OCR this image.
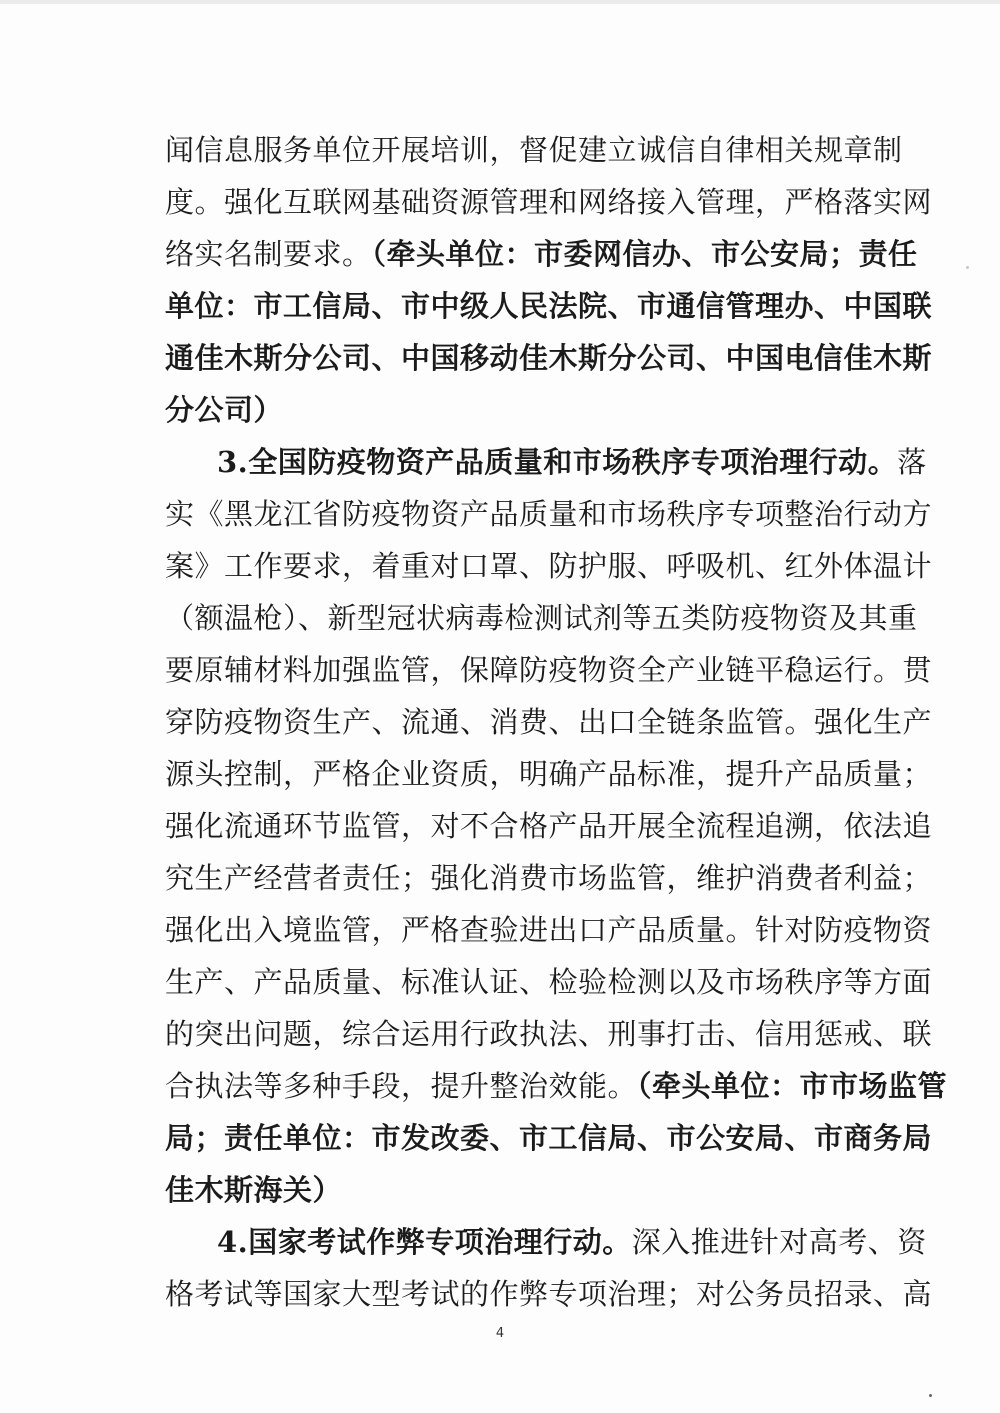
闻信息服务单位开展培训，督促建立诚信自律相关规章制
度。强化互联网基础资源管理和网络接入管理，严格落实网
络实名制要求。（牵头单位：市委网信办、市公安局；责任
单位：市工信局、市中级人民法院、市通信管理办、中国联
通佳木斯分公司、中国移动佳木斯分公司、中国电信佳木斯
分公司）
3.全国防疫物资产品质量和市场秩序专项治理行动。落
实《黑龙江省防疫物资产品质量和市场秩序专项整治行动方
案》工作要求，着重对口罩、防护服、呼吸机、红外体温计
（额温枪）、新型冠状病毒检测试剂等五类防疫物资及其重
要原辅材料加强监管，保障防疫物资全产业链平稳运行。贯
穿防疫物资生产、流通、消费、出口全链条监管。强化生产
源头控制，严格企业资质，明确产品标准，提升产品质量；
强化流通环节监管，对不合格产品开展全流程追溯，依法追
究生产经营者责任；强化消费市场监管，维护消费者利益；
强化出入境监管，严格查验进出口产品质量。针对防疫物资
生产、产品质量、标准认证、检验检测以及市场秩序等方面
的突出问题，综合运用行政执法、刑事打击、信用惩戒、联
合执法等多种手段，提升整治效能。（牵头单位：市市场监管
局；责任单位：市发改委、市工信局、市公安局、市商务局
佳木斯海关）
4.国家考试作弊专项治理行动。深入推进针对高考、资
格考试等国家大型考试的作弊专项治理；对公务员招录、高
4
